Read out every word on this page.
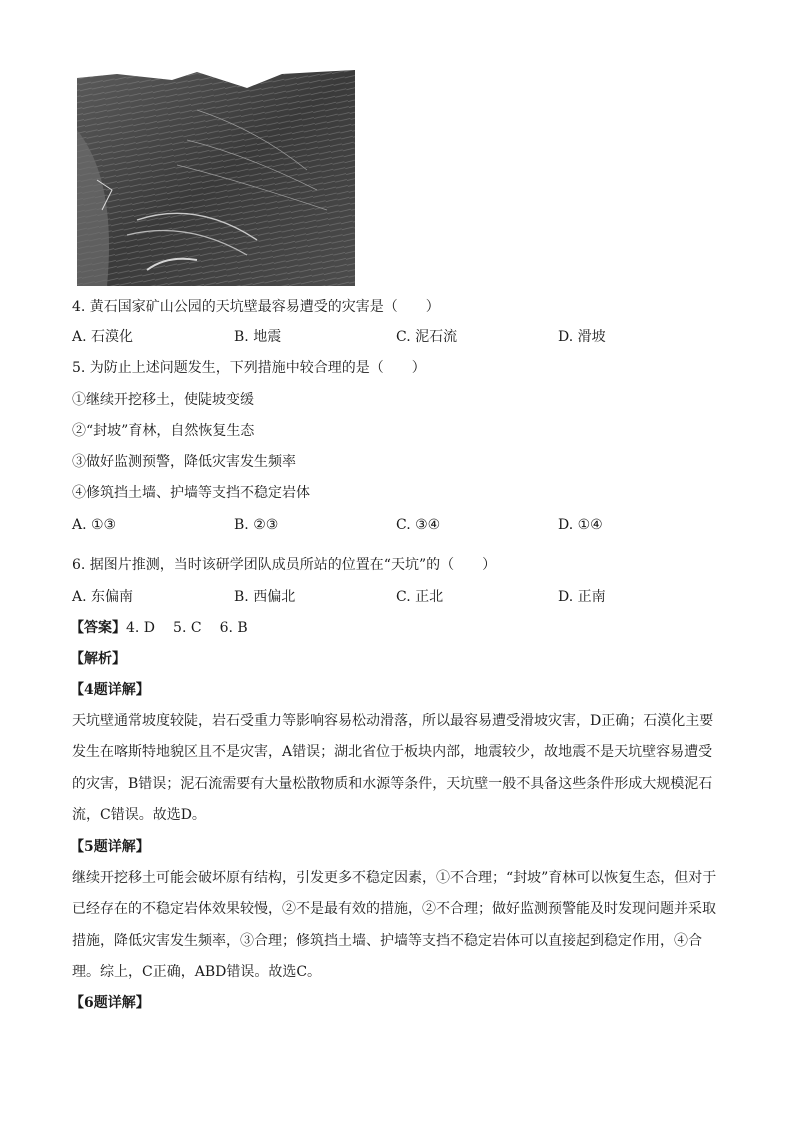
4. 黄石国家矿山公园的天坑壁最容易遭受的灾害是（　　）
A. 石漠化	B. 地震	C. 泥石流	D. 滑坡
5. 为防止上述问题发生，下列措施中较合理的是（　　）
①继续开挖移土，使陡坡变缓
②“封坡”育林，自然恢复生态
③做好监测预警，降低灾害发生频率
④修筑挡土墙、护墙等支挡不稳定岩体
A. ①③	B. ②③	C. ③④	D. ①④
6. 据图片推测，当时该研学团队成员所站的位置在“天坑”的（　　）
A. 东偏南	B. 西偏北	C. 正北	D. 正南
【答案】4. D 5. C 6. B
【解析】
【4题详解】
天坑壁通常坡度较陡，岩石受重力等影响容易松动滑落，所以最容易遭受滑坡灾害，D正确；石漠化主要发生在喀斯特地貌区且不是灾害，A错误；湖北省位于板块内部，地震较少，故地震不是天坑壁容易遭受的灾害，B错误；泥石流需要有大量松散物质和水源等条件，天坑壁一般不具备这些条件形成大规模泥石流，C错误。故选D。
【5题详解】
继续开挖移土可能会破坏原有结构，引发更多不稳定因素，①不合理；“封坡”育林可以恢复生态，但对于已经存在的不稳定岩体效果较慢，②不是最有效的措施，②不合理；做好监测预警能及时发现问题并采取措施，降低灾害发生频率，③合理；修筑挡土墙、护墙等支挡不稳定岩体可以直接起到稳定作用，④合理。综上，C正确，ABD错误。故选C。
【6题详解】
